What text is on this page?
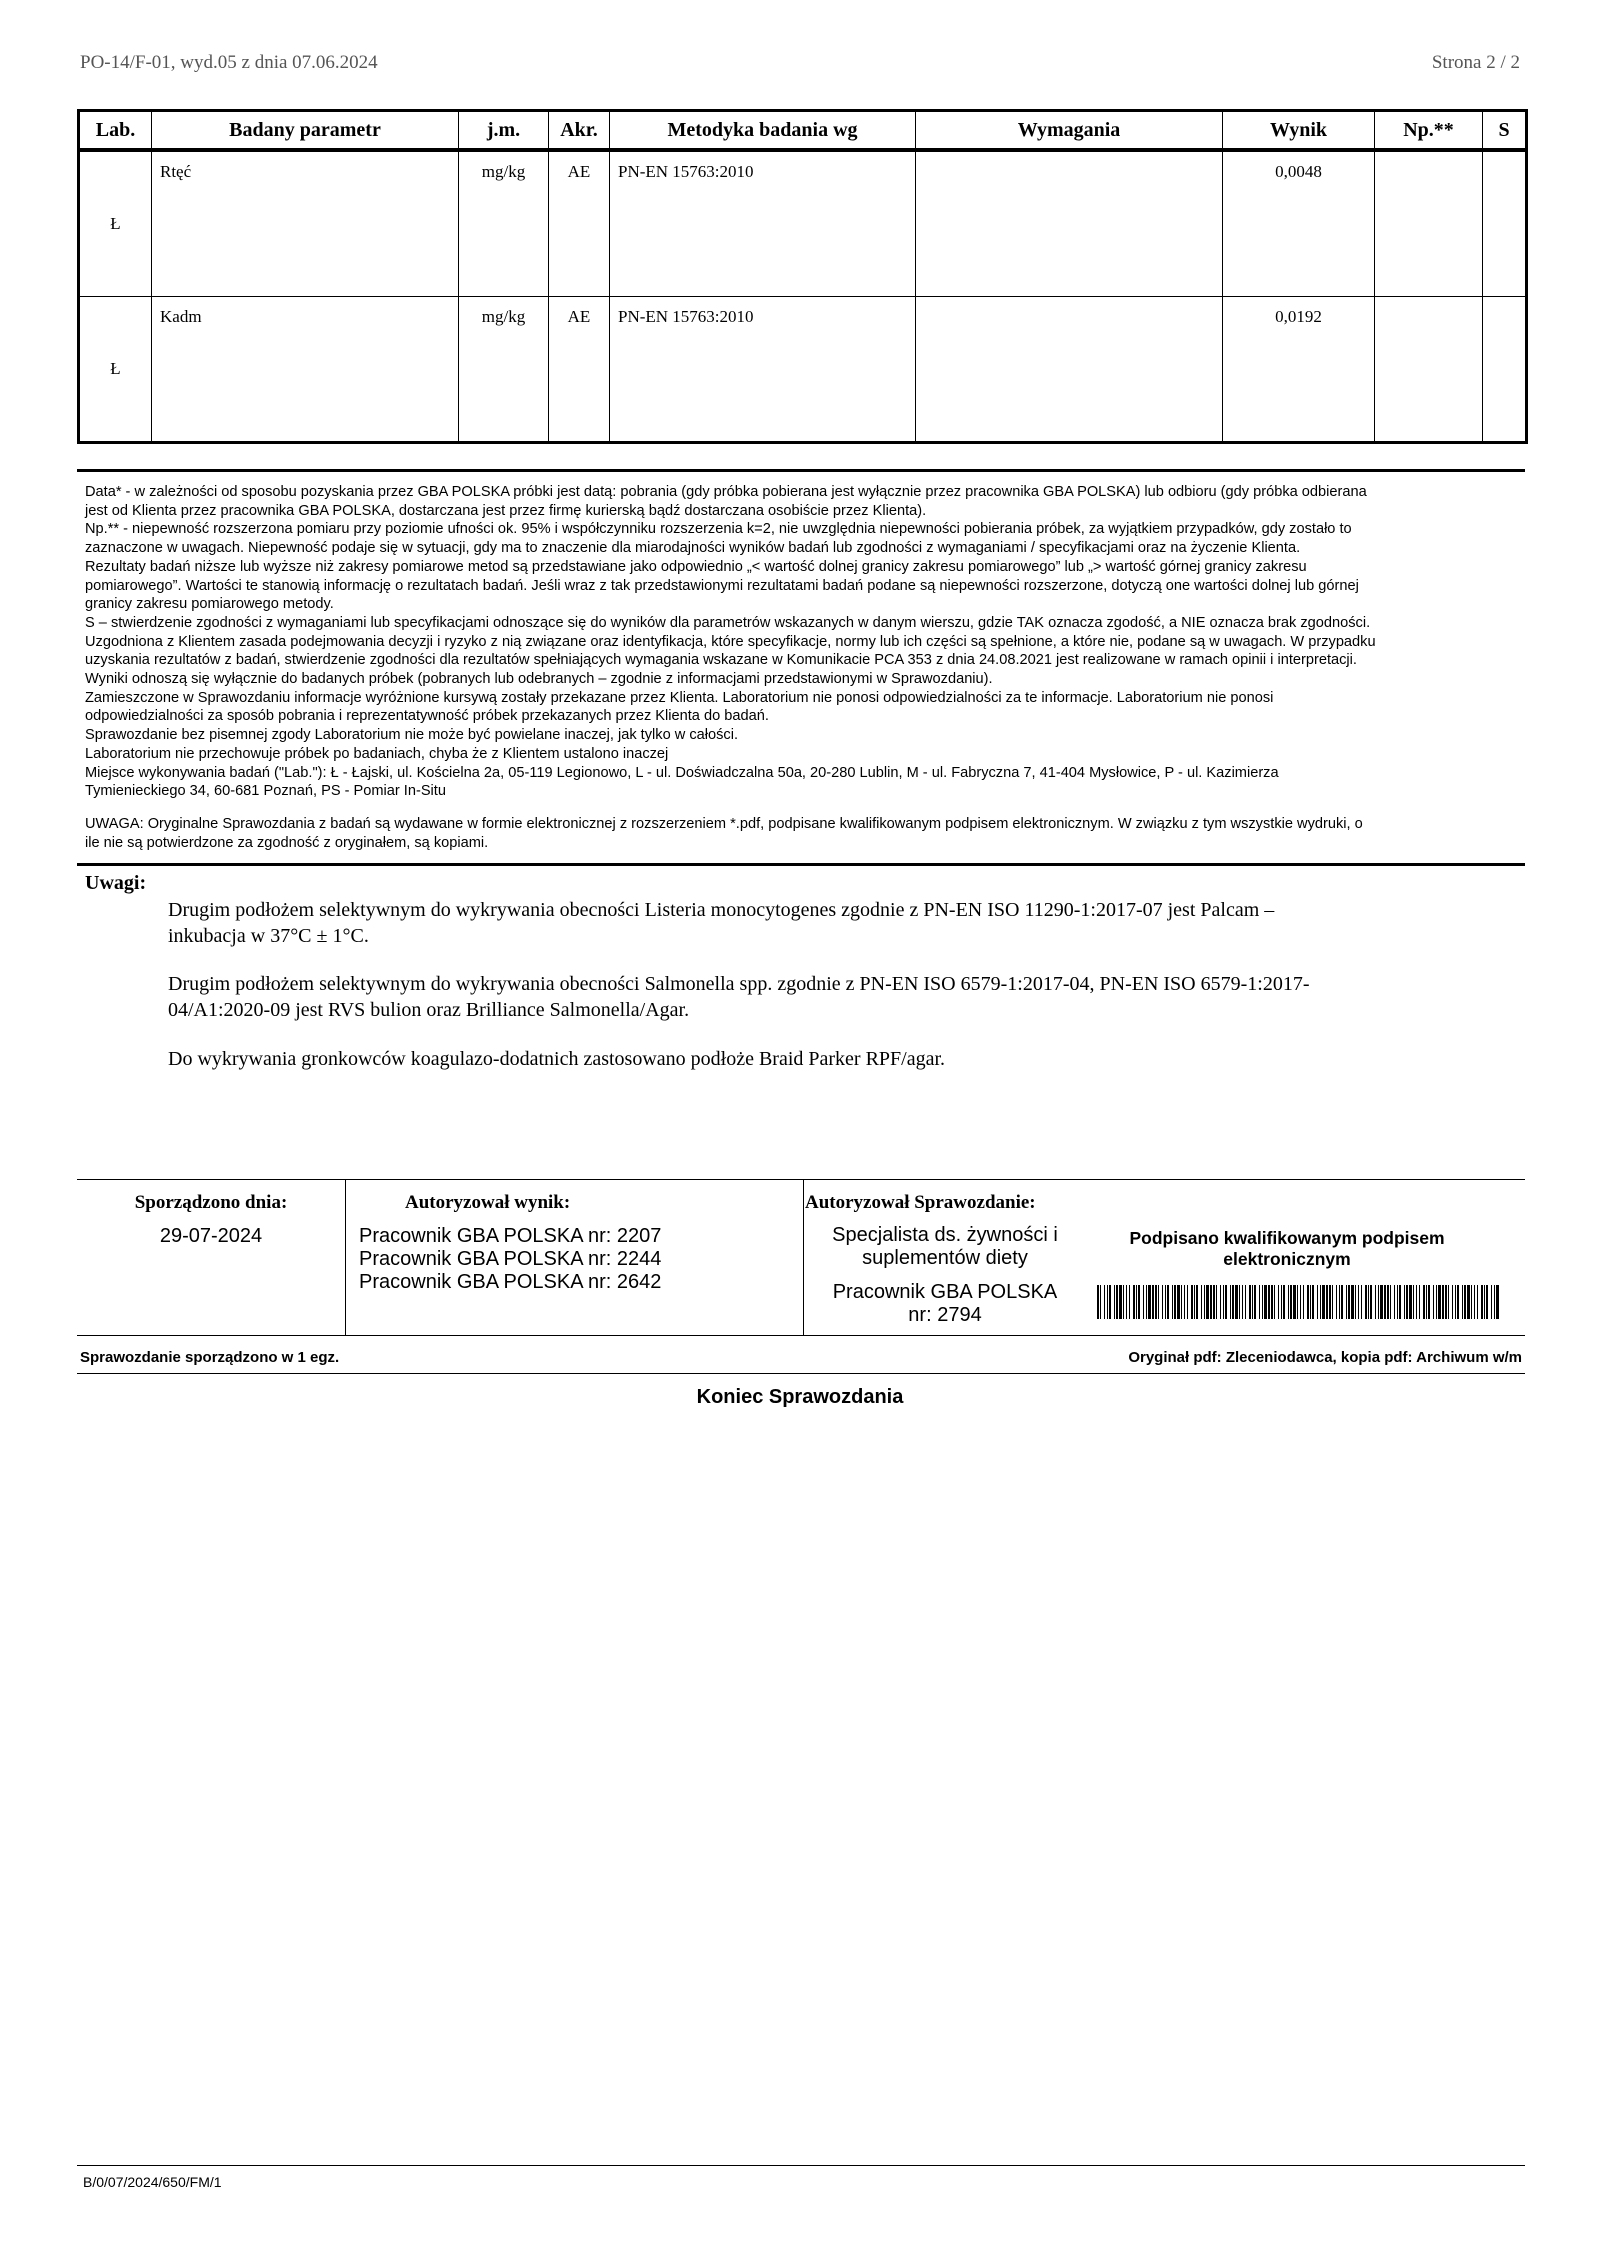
PO-14/F-01, wyd.05 z dnia 07.06.2024	Strona 2 / 2
Lab.	Badany parametr	j.m.	Akr.	Metodyka badania wg	Wymagania	Wynik	Np.**	S
Ł	Rtęć	mg/kg	AE	PN-EN 15763:2010		0,0048		
Ł	Kadm	mg/kg	AE	PN-EN 15763:2010		0,0192		
Data* - w zależności od sposobu pozyskania przez GBA POLSKA próbki jest datą: pobrania (gdy próbka pobierana jest wyłącznie przez pracownika GBA POLSKA) lub odbioru (gdy próbka odbierana
jest od Klienta przez pracownika GBA POLSKA, dostarczana jest przez firmę kurierską bądź dostarczana osobiście przez Klienta).
Np.** - niepewność rozszerzona pomiaru przy poziomie ufności ok. 95% i współczynniku rozszerzenia k=2, nie uwzględnia niepewności pobierania próbek, za wyjątkiem przypadków, gdy zostało to
zaznaczone w uwagach. Niepewność podaje się w sytuacji, gdy ma to znaczenie dla miarodajności wyników badań lub zgodności z wymaganiami / specyfikacjami oraz na życzenie Klienta.
Rezultaty badań niższe lub wyższe niż zakresy pomiarowe metod są przedstawiane jako odpowiednio „< wartość dolnej granicy zakresu pomiarowego” lub „> wartość górnej granicy zakresu
pomiarowego”. Wartości te stanowią informację o rezultatach badań. Jeśli wraz z tak przedstawionymi rezultatami badań podane są niepewności rozszerzone, dotyczą one wartości dolnej lub górnej
granicy zakresu pomiarowego metody.
S – stwierdzenie zgodności z wymaganiami lub specyfikacjami odnoszące się do wyników dla parametrów wskazanych w danym wierszu, gdzie TAK oznacza zgodość, a NIE oznacza brak zgodności.
Uzgodniona z Klientem zasada podejmowania decyzji i ryzyko z nią związane oraz identyfikacja, które specyfikacje, normy lub ich części są spełnione, a które nie, podane są w uwagach. W przypadku
uzyskania rezultatów z badań, stwierdzenie zgodności dla rezultatów spełniających wymagania wskazane w Komunikacie PCA 353 z dnia 24.08.2021 jest realizowane w ramach opinii i interpretacji.
Wyniki odnoszą się wyłącznie do badanych próbek (pobranych lub odebranych – zgodnie z informacjami przedstawionymi w Sprawozdaniu).
Zamieszczone w Sprawozdaniu informacje wyróżnione kursywą zostały przekazane przez Klienta. Laboratorium nie ponosi odpowiedzialności za te informacje. Laboratorium nie ponosi
odpowiedzialności za sposób pobrania i reprezentatywność próbek przekazanych przez Klienta do badań.
Sprawozdanie bez pisemnej zgody Laboratorium nie może być powielane inaczej, jak tylko w całości.
Laboratorium nie przechowuje próbek po badaniach, chyba że z Klientem ustalono inaczej
Miejsce wykonywania badań ("Lab."): Ł - Łajski, ul. Kościelna 2a, 05-119 Legionowo, L - ul. Doświadczalna 50a, 20-280 Lublin, M - ul. Fabryczna 7, 41-404 Mysłowice, P - ul. Kazimierza
Tymienieckiego 34, 60-681 Poznań, PS - Pomiar In-Situ
UWAGA: Oryginalne Sprawozdania z badań są wydawane w formie elektronicznej z rozszerzeniem *.pdf, podpisane kwalifikowanym podpisem elektronicznym. W związku z tym wszystkie wydruki, o
ile nie są potwierdzone za zgodność z oryginałem, są kopiami.
Uwagi:
Drugim podłożem selektywnym do wykrywania obecności Listeria monocytogenes zgodnie z PN-EN ISO 11290-1:2017-07 jest Palcam –
inkubacja w 37°C ± 1°C.
Drugim podłożem selektywnym do wykrywania obecności Salmonella spp. zgodnie z PN-EN ISO 6579-1:2017-04, PN-EN ISO 6579-1:2017-
04/A1:2020-09 jest RVS bulion oraz Brilliance Salmonella/Agar.
Do wykrywania gronkowców koagulazo-dodatnich zastosowano podłoże Braid Parker RPF/agar.
Sporządzono dnia:
29-07-2024
Autoryzował wynik:
Pracownik GBA POLSKA nr: 2207
Pracownik GBA POLSKA nr: 2244
Pracownik GBA POLSKA nr: 2642
Autoryzował Sprawozdanie:
Specjalista ds. żywności i
suplementów diety
Pracownik GBA POLSKA
nr: 2794
Podpisano kwalifikowanym podpisem
elektronicznym
Sprawozdanie sporządzono w 1 egz.	Oryginał pdf: Zleceniodawca, kopia pdf: Archiwum w/m
Koniec Sprawozdania
B/0/07/2024/650/FM/1
